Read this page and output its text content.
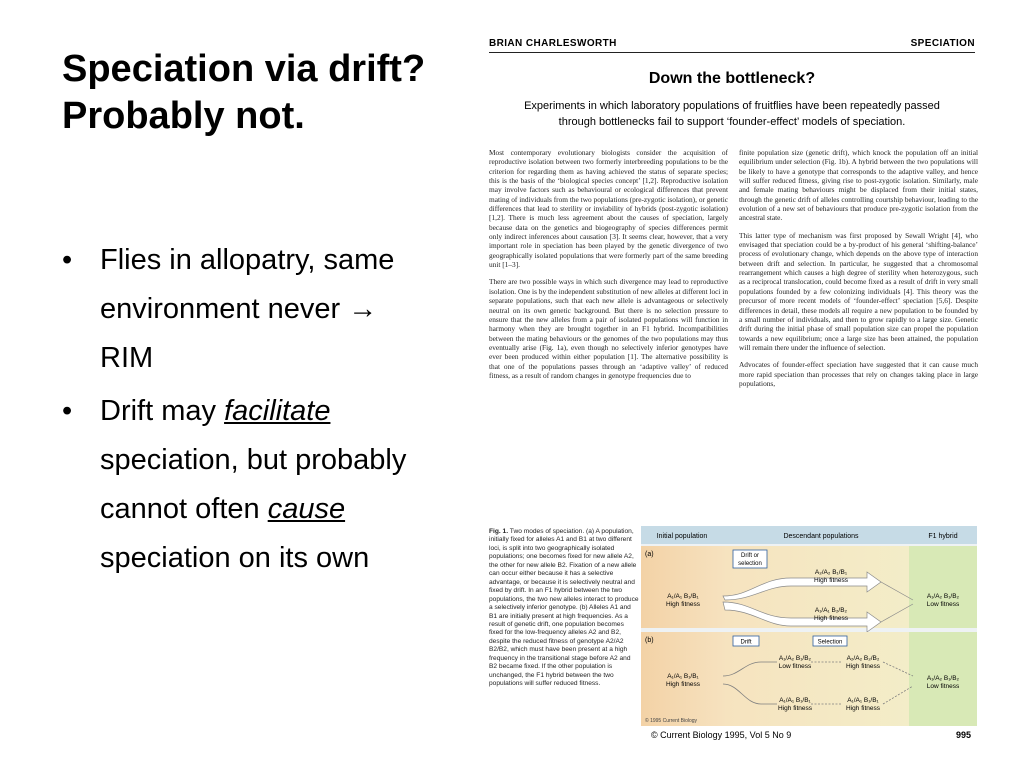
Speciation via drift?
Probably not.
• Flies in allopatry, same environment never → RIM
• Drift may facilitate speciation, but probably cannot often cause speciation on its own
BRIAN CHARLESWORTH	SPECIATION
Down the bottleneck?
Experiments in which laboratory populations of fruitflies have been repeatedly passed through bottlenecks fail to support ‘founder-effect’ models of speciation.

Most contemporary evolutionary biologists consider the acquisition of reproductive isolation between two formerly interbreeding populations to be the criterion for regarding them as having achieved the status of separate species; this is the basis of the ‘biological species concept’ [1,2]. Reproductive isolation may involve factors such as behavioural or ecological differences that prevent mating of individuals from the two populations (pre-zygotic isolation), or genetic differences that lead to sterility or inviability of hybrids (post-zygotic isolation) [1,2]. There is much less agreement about the causes of speciation, largely because data on the genetics and biogeography of species differences permit only indirect inferences about causation [3]. It seems clear, however, that a very important role in speciation has been played by the genetic divergence of two geographically isolated populations that were formerly part of the same breeding unit [1–3].

There are two possible ways in which such divergence may lead to reproductive isolation. One is by the independent substitution of new alleles at different loci in separate populations, such that each new allele is advantageous or selectively neutral on its own genetic background. But there is no selection pressure to ensure that the new alleles from a pair of isolated populations will function in harmony when they are brought together in an F1 hybrid. Incompatibilities between the mating behaviours or the genomes of the two populations may thus eventually arise (Fig. 1a), even though no selectively inferior genotypes have ever been produced within either population [1]. The alternative possibility is that one of the populations passes through an ‘adaptive valley’ of reduced fitness, as a result of random changes in genotype frequencies due to

finite population size (genetic drift), which knock the population off an initial equilibrium under selection (Fig. 1b). A hybrid between the two populations will be likely to have a genotype that corresponds to the adaptive valley, and hence will suffer reduced fitness, giving rise to post-zygotic isolation. Similarly, male and female mating behaviours might be displaced from their initial states, through the genetic drift of alleles controlling courtship behaviour, leading to the evolution of a new set of behaviours that produce pre-zygotic isolation from the ancestral state.

This latter type of mechanism was first proposed by Sewall Wright [4], who envisaged that speciation could be a by-product of his general ‘shifting-balance’ process of evolutionary change, which depends on the above type of interaction between drift and selection. In particular, he suggested that a chromosomal rearrangement which causes a high degree of sterility when heterozygous, such as a reciprocal translocation, could become fixed as a result of drift in very small populations founded by a few colonizing individuals [4]. This theory was the precursor of more recent models of ‘founder-effect’ speciation [5,6]. Despite differences in detail, these models all require a new population to be founded by a small number of individuals, and then to grow rapidly to a large size. Genetic drift during the initial phase of small population size can propel the population towards a new equilibrium; once a large size has been attained, the population will remain there under the influence of selection.

Advocates of founder-effect speciation have suggested that it can cause much more rapid speciation than processes that rely on changes taking place in large populations,

Fig. 1. Two modes of speciation. (a) A population, initially fixed for alleles A1 and B1 at two different loci, is split into two geographically isolated populations; one becomes fixed for new allele A2, the other for new allele B2. Fixation of a new allele can occur either because it has a selective advantage, or because it is selectively neutral and fixed by drift. In an F1 hybrid between the two populations, the two new alleles interact to produce a selectively inferior genotype. (b) Alleles A1 and B1 are initially present at high frequencies. As a result of genetic drift, one population becomes fixed for the low-frequency alleles A2 and B2, despite the reduced fitness of genotype A2/A2 B2/B2, which must have been present at a high frequency in the transitional stage before A2 and B2 became fixed. If the other population is unchanged, the F1 hybrid between the two populations will suffer reduced fitness.
Initial population	Descendant populations	F1 hybrid
(a)	Drift or
selection
A₁/A₁ B₁/B₁
High fitness
A₂/A₂ B₁/B₁
High fitness
A₁/A₁ B₂/B₂
High fitness
A₁/A₂ B₁/B₂
Low fitness
(b)	Drift	Selection
A₁/A₁ B₁/B₁
High fitness
A₁/A₂ B₁/B₂
Low fitness
A₂/A₂ B₂/B₂
High fitness
A₁/A₁ B₁/B₁
High fitness
A₁/A₁ B₁/B₁
High fitness
A₁/A₂ B₁/B₂
Low fitness
© 1995 Current Biology
© Current Biology 1995, Vol 5 No 9	995
